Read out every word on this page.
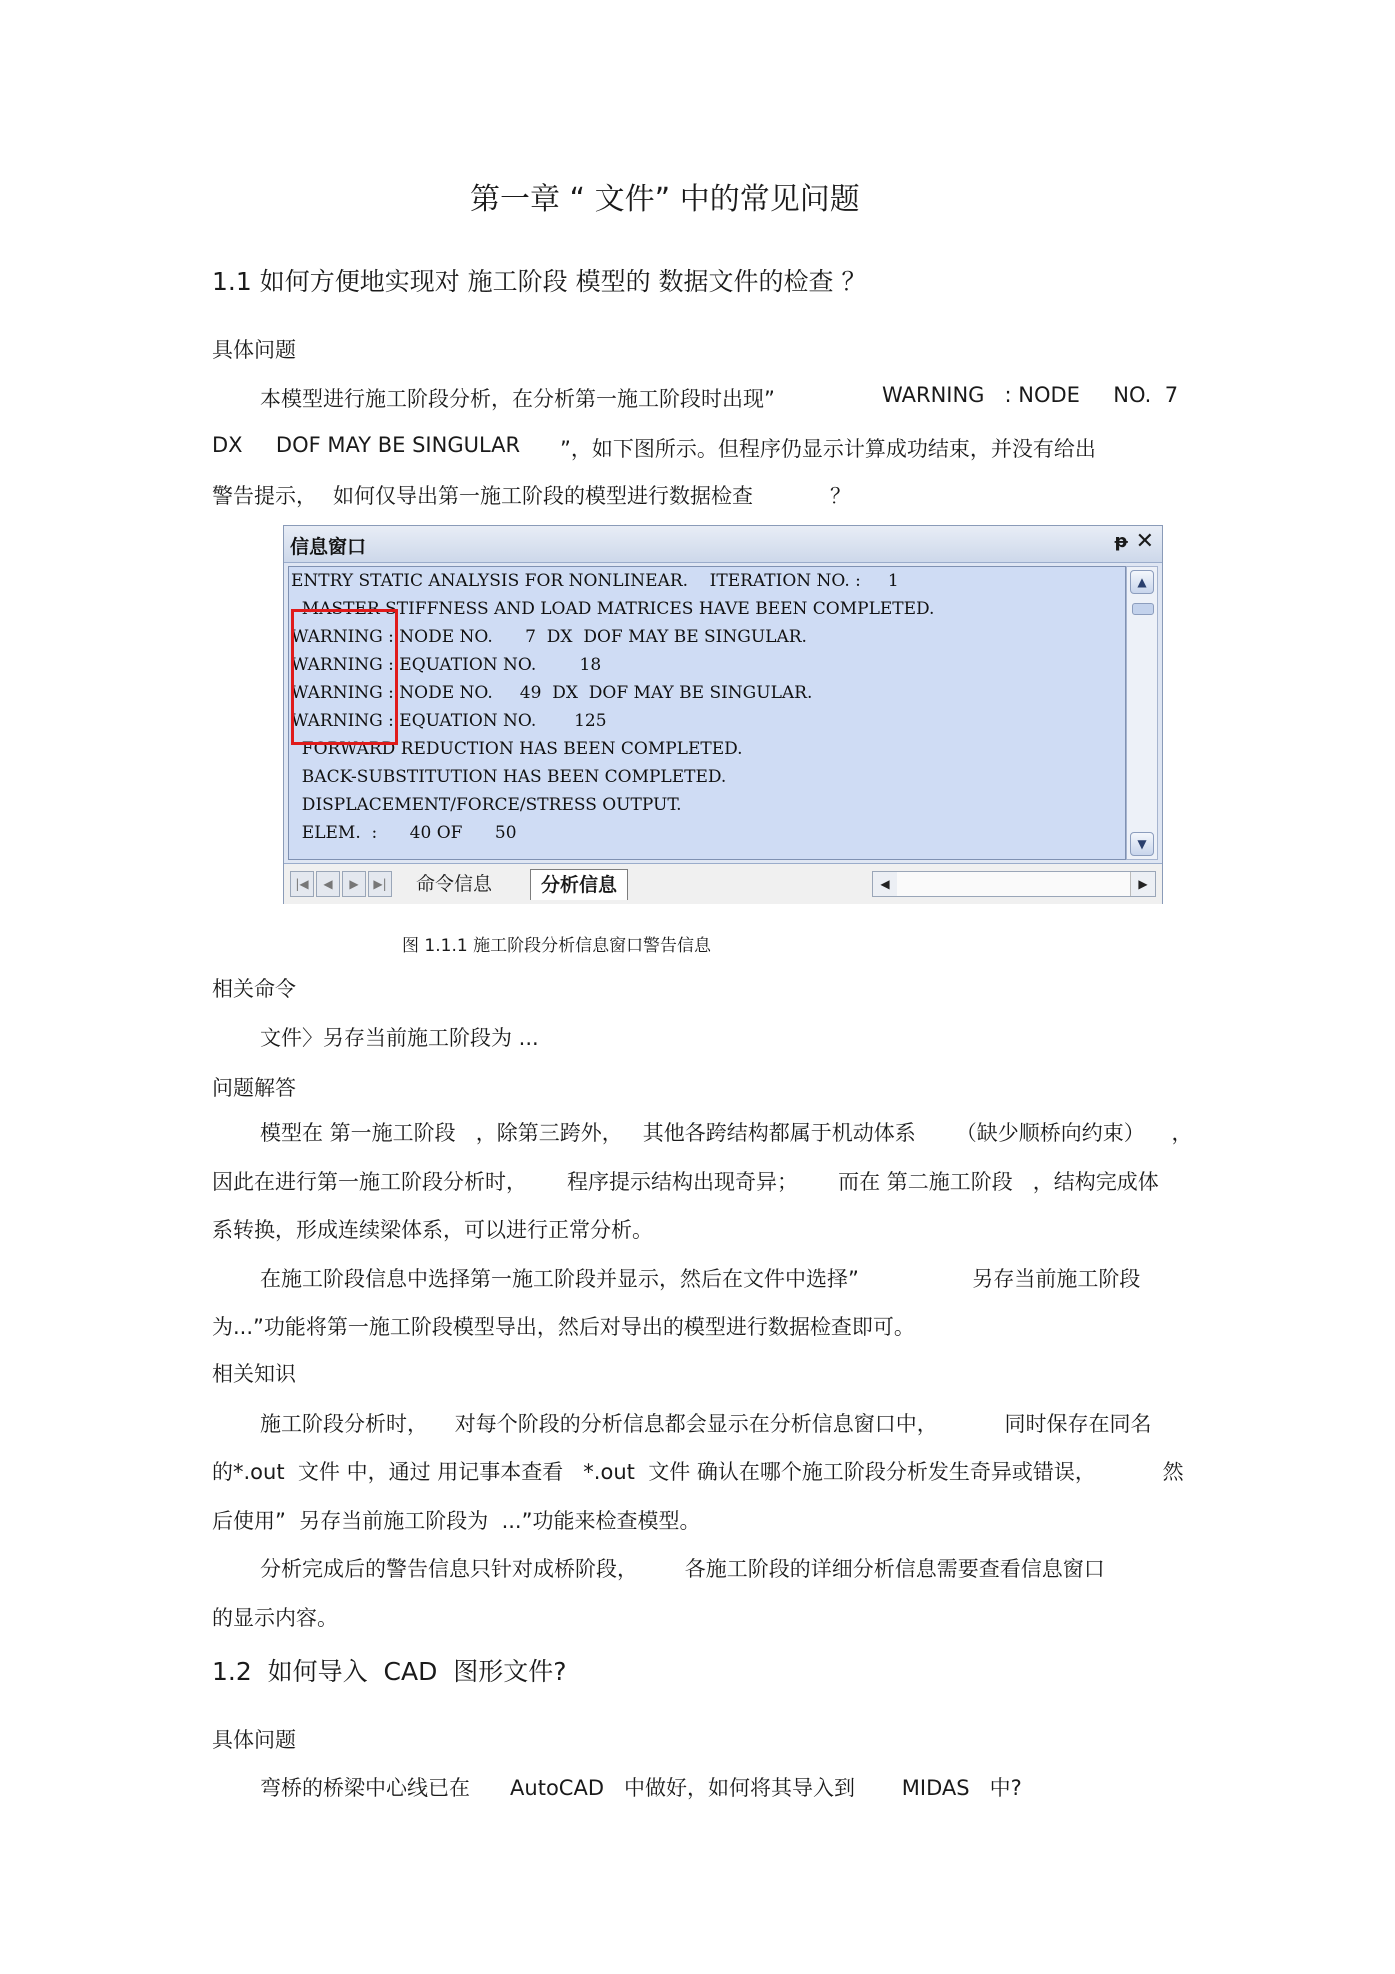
第一章 “ 文件” 中的常见问题
1.1 如何方便地实现对 施工阶段 模型的 数据文件的检查 ？
具体问题
本模型进行施工阶段分析，在分析第一施工阶段时出现”	WARNING   : NODE     NO.  7
DX     DOF MAY BE SINGULAR ”，如下图所示。但程序仍显示计算成功结束，并没有给出
警告提示， 如何仅导出第一施工阶段的模型进行数据检查	？
信息窗口	ᵽ ✕
ENTRY STATIC ANALYSIS FOR NONLINEAR.    ITERATION NO. :     1
MASTER STIFFNESS AND LOAD MATRICES HAVE BEEN COMPLETED.
WARNING : NODE NO.      7  DX  DOF MAY BE SINGULAR.
WARNING : EQUATION NO.        18
WARNING : NODE NO.     49  DX  DOF MAY BE SINGULAR.
WARNING : EQUATION NO.       125
FORWARD REDUCTION HAS BEEN COMPLETED.
BACK-SUBSTITUTION HAS BEEN COMPLETED.
DISPLACEMENT/FORCE/STRESS OUTPUT.
ELEM.  :      40 OF      50
▲
▼
|◀	◀	▶	▶|	命令信息	分析信息	◀	▶
图 1.1.1 施工阶段分析信息窗口警告信息
相关命令
文件〉另存当前施工阶段为 ...
问题解答
模型在 第一施工阶段   ，除第三跨外，   其他各跨结构都属于机动体系      （缺少顺桥向约束）    ，
因此在进行第一施工阶段分析时，      程序提示结构出现奇异；      而在 第二施工阶段   ，结构完成体
系转换，形成连续梁体系，可以进行正常分析。
在施工阶段信息中选择第一施工阶段并显示，然后在文件中选择”                 另存当前施工阶段
为...”功能将第一施工阶段模型导出，然后对导出的模型进行数据检查即可。
相关知识
施工阶段分析时，    对每个阶段的分析信息都会显示在分析信息窗口中，          同时保存在同名
的*.out  文件 中，通过 用记事本查看   *.out  文件 确认在哪个施工阶段分析发生奇异或错误，          然
后使用”  另存当前施工阶段为  ...”功能来检查模型。
分析完成后的警告信息只针对成桥阶段，       各施工阶段的详细分析信息需要查看信息窗口
的显示内容。
1.2  如何导入  CAD  图形文件?
具体问题
弯桥的桥梁中心线已在      AutoCAD   中做好，如何将其导入到       MIDAS   中?
